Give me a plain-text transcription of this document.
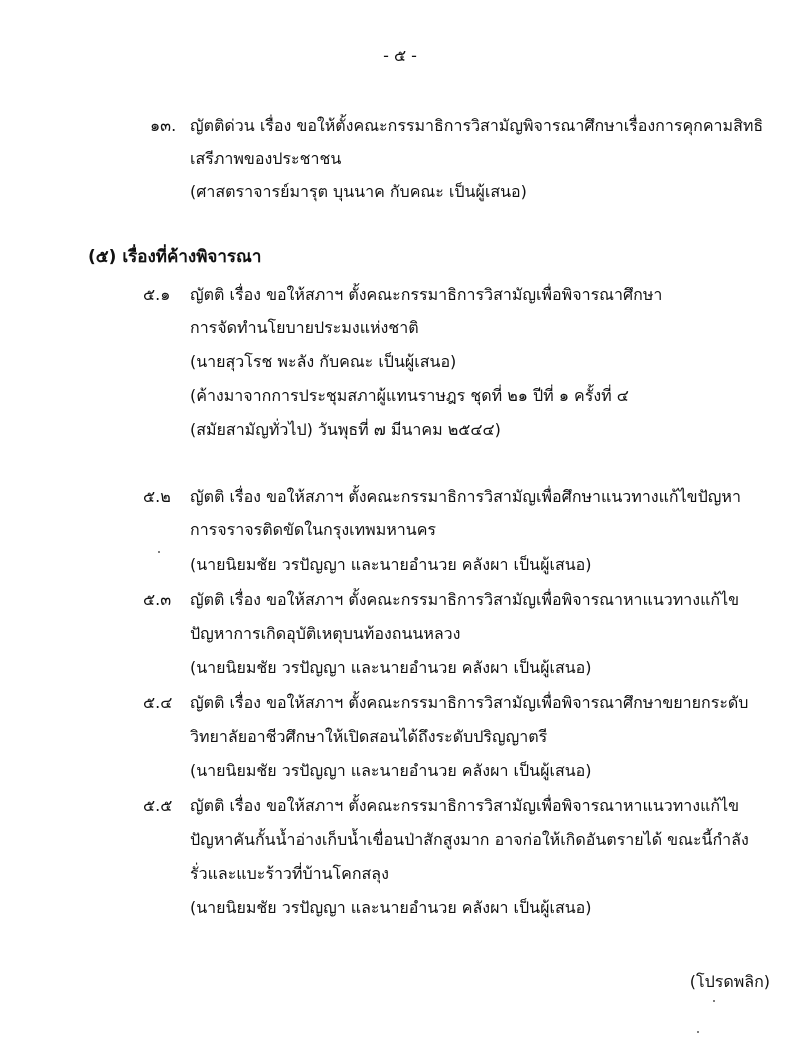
- ๕ -
๑๓. ญัตติด่วน เรื่อง ขอให้ตั้งคณะกรรมาธิการวิสามัญพิจารณาศึกษาเรื่องการคุกคามสิทธิ
เสรีภาพของประชาชน
(ศาสตราจารย์มารุต บุนนาค กับคณะ เป็นผู้เสนอ)
(๕) เรื่องที่ค้างพิจารณา
๕.๑ ญัตติ เรื่อง ขอให้สภาฯ ตั้งคณะกรรมาธิการวิสามัญเพื่อพิจารณาศึกษา
การจัดทำนโยบายประมงแห่งชาติ
(นายสุวโรช พะลัง กับคณะ เป็นผู้เสนอ)
(ค้างมาจากการประชุมสภาผู้แทนราษฎร ชุดที่ ๒๑ ปีที่ ๑ ครั้งที่ ๔
(สมัยสามัญทั่วไป) วันพุธที่ ๗ มีนาคม ๒๕๔๔)
๕.๒ ญัตติ เรื่อง ขอให้สภาฯ ตั้งคณะกรรมาธิการวิสามัญเพื่อศึกษาแนวทางแก้ไขปัญหา
การจราจรติดขัดในกรุงเทพมหานคร
(นายนิยมชัย วรปัญญา และนายอำนวย คลังผา เป็นผู้เสนอ)
๕.๓ ญัตติ เรื่อง ขอให้สภาฯ ตั้งคณะกรรมาธิการวิสามัญเพื่อพิจารณาหาแนวทางแก้ไข
ปัญหาการเกิดอุบัติเหตุบนท้องถนนหลวง
(นายนิยมชัย วรปัญญา และนายอำนวย คลังผา เป็นผู้เสนอ)
๕.๔ ญัตติ เรื่อง ขอให้สภาฯ ตั้งคณะกรรมาธิการวิสามัญเพื่อพิจารณาศึกษาขยายกระดับ
วิทยาลัยอาชีวศึกษาให้เปิดสอนได้ถึงระดับปริญญาตรี
(นายนิยมชัย วรปัญญา และนายอำนวย คลังผา เป็นผู้เสนอ)
๕.๕ ญัตติ เรื่อง ขอให้สภาฯ ตั้งคณะกรรมาธิการวิสามัญเพื่อพิจารณาหาแนวทางแก้ไข
ปัญหาคันกั้นน้ำอ่างเก็บน้ำเขื่อนป่าสักสูงมาก อาจก่อให้เกิดอันตรายได้ ขณะนี้กำลัง
รั่วและแบะร้าวที่บ้านโคกสลุง
(นายนิยมชัย วรปัญญา และนายอำนวย คลังผา เป็นผู้เสนอ)
(โปรดพลิก)
